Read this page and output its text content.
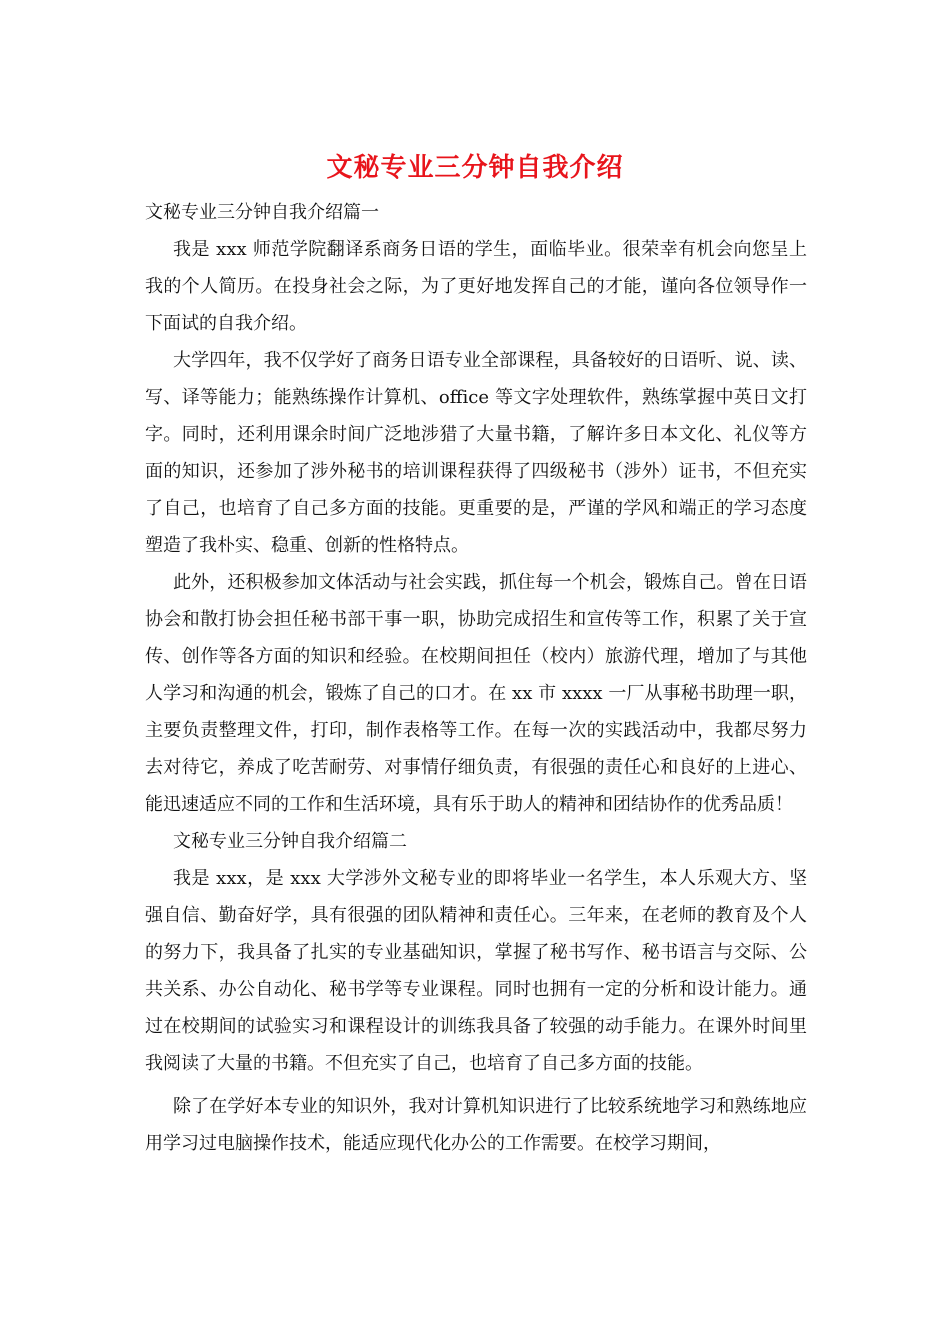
文秘专业三分钟自我介绍

文秘专业三分钟自我介绍篇一

我是 xxx 师范学院翻译系商务日语的学生，面临毕业。很荣幸有机会向您呈上我的个人简历。在投身社会之际，为了更好地发挥自己的才能，谨向各位领导作一下面试的自我介绍。

大学四年，我不仅学好了商务日语专业全部课程，具备较好的日语听、说、读、写、译等能力；能熟练操作计算机、office 等文字处理软件，熟练掌握中英日文打字。同时，还利用课余时间广泛地涉猎了大量书籍，了解许多日本文化、礼仪等方面的知识，还参加了涉外秘书的培训课程获得了四级秘书（涉外）证书，不但充实了自己，也培育了自己多方面的技能。更重要的是，严谨的学风和端正的学习态度塑造了我朴实、稳重、创新的性格特点。

此外，还积极参加文体活动与社会实践，抓住每一个机会，锻炼自己。曾在日语协会和散打协会担任秘书部干事一职，协助完成招生和宣传等工作，积累了关于宣传、创作等各方面的知识和经验。在校期间担任（校内）旅游代理，增加了与其他人学习和沟通的机会，锻炼了自己的口才。在 xx 市 xxxx 一厂从事秘书助理一职，主要负责整理文件，打印，制作表格等工作。在每一次的实践活动中，我都尽努力去对待它，养成了吃苦耐劳、对事情仔细负责，有很强的责任心和良好的上进心、能迅速适应不同的工作和生活环境，具有乐于助人的精神和团结协作的优秀品质！

文秘专业三分钟自我介绍篇二

我是 xxx，是 xxx 大学涉外文秘专业的即将毕业一名学生，本人乐观大方、坚强自信、勤奋好学，具有很强的团队精神和责任心。三年来，在老师的教育及个人的努力下，我具备了扎实的专业基础知识，掌握了秘书写作、秘书语言与交际、公共关系、办公自动化、秘书学等专业课程。同时也拥有一定的分析和设计能力。通过在校期间的试验实习和课程设计的训练我具备了较强的动手能力。在课外时间里我阅读了大量的书籍。不但充实了自己，也培育了自己多方面的技能。

除了在学好本专业的知识外，我对计算机知识进行了比较系统地学习和熟练地应用学习过电脑操作技术，能适应现代化办公的工作需要。在校学习期间，
